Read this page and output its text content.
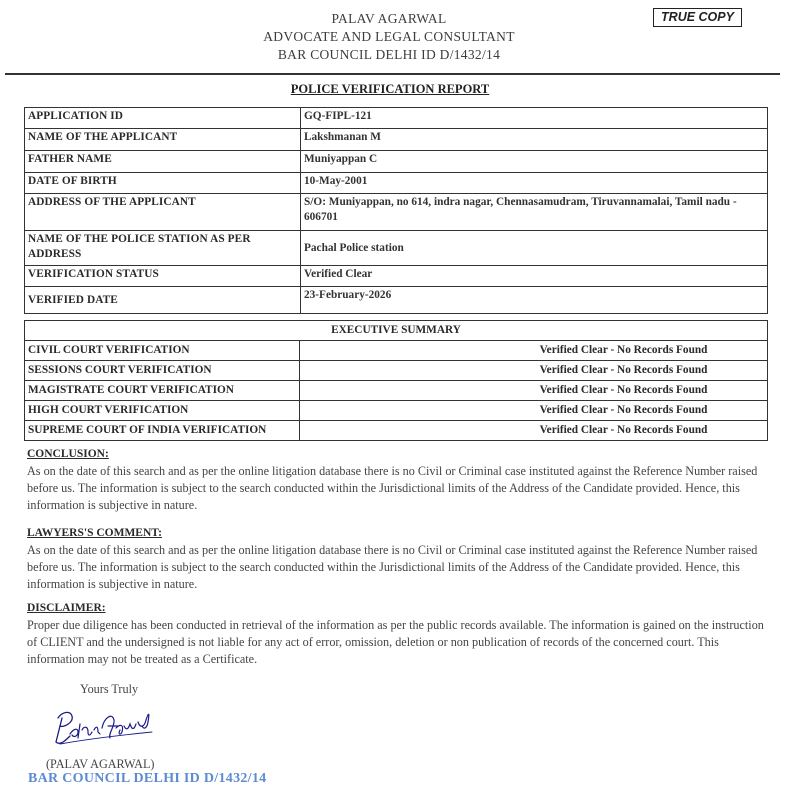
PALAV AGARWAL
ADVOCATE AND LEGAL CONSULTANT
BAR COUNCIL DELHI ID D/1432/14
TRUE COPY
POLICE VERIFICATION REPORT
APPLICATION ID	GQ-FIPL-121
NAME OF THE APPLICANT	Lakshmanan M
FATHER NAME	Muniyappan C
DATE OF BIRTH	10-May-2001
ADDRESS OF THE APPLICANT	S/O: Muniyappan, no 614, indra nagar, Chennasamudram, Tiruvannamalai, Tamil nadu - 606701
NAME OF THE POLICE STATION AS PER ADDRESS	Pachal Police station
VERIFICATION STATUS	Verified Clear
VERIFIED DATE	23-February-2026
EXECUTIVE SUMMARY	
CIVIL COURT VERIFICATION	Verified Clear - No Records Found
SESSIONS COURT VERIFICATION	Verified Clear - No Records Found
MAGISTRATE COURT VERIFICATION	Verified Clear - No Records Found
HIGH COURT VERIFICATION	Verified Clear - No Records Found
SUPREME COURT OF INDIA VERIFICATION	Verified Clear - No Records Found
CONCLUSION:
As on the date of this search and as per the online litigation database there is no Civil or Criminal case instituted against the Reference Number raised before us. The information is subject to the search conducted within the Jurisdictional limits of the Address of the Candidate provided. Hence, this information is subjective in nature.
LAWYERS'S COMMENT:
As on the date of this search and as per the online litigation database there is no Civil or Criminal case instituted against the Reference Number raised before us. The information is subject to the search conducted within the Jurisdictional limits of the Address of the Candidate provided. Hence, this information is subjective in nature.
DISCLAIMER:
Proper due diligence has been conducted in retrieval of the information as per the public records available. The information is gained on the instruction of CLIENT and the undersigned is not liable for any act of error, omission, deletion or non publication of records of the concerned court. This information may not be treated as a Certificate.
Yours Truly
(PALAV AGARWAL)
BAR COUNCIL DELHI ID D/1432/14
